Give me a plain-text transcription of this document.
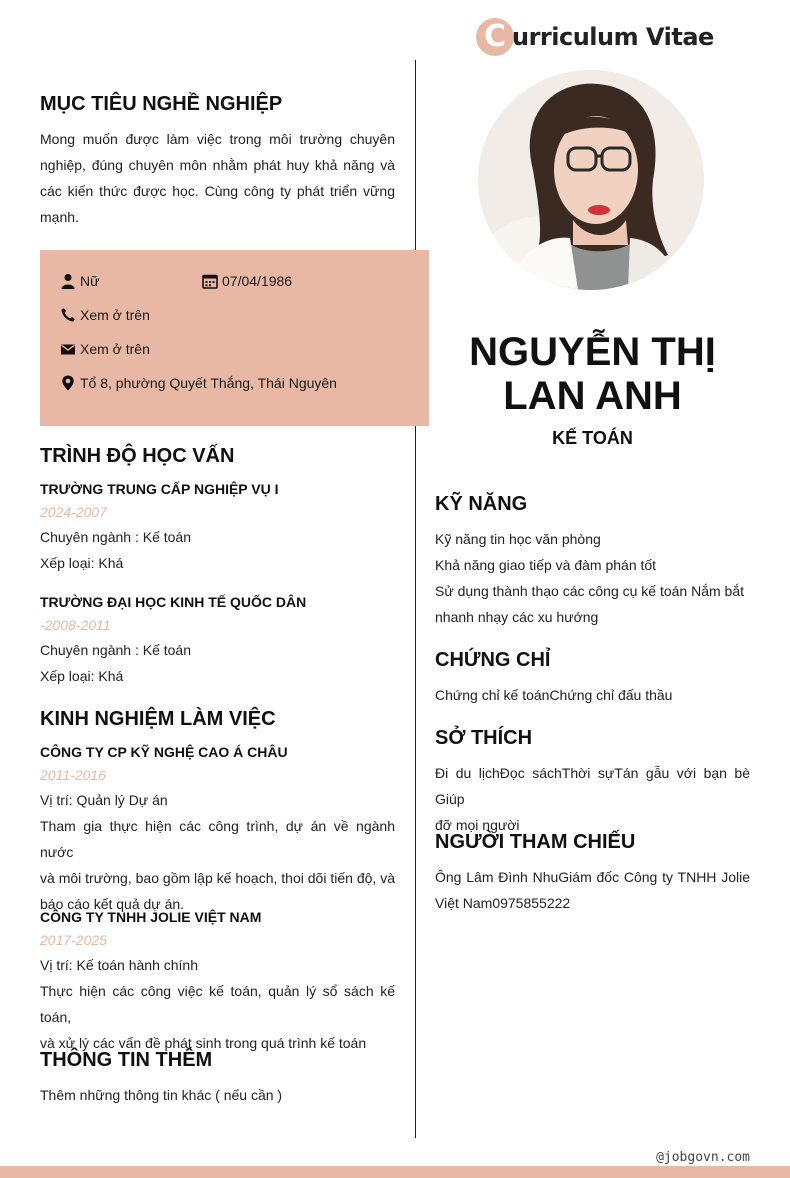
C urriculum Vitae
MỤC TIÊU NGHỀ NGHIỆP
Mong muốn được làm việc trong môi trường chuyên
nghiệp, đúng chuyên môn nhằm phát huy khả năng và
các kiến thức được học. Cùng công ty phát triển vững
mạnh.
Nữ	07/04/1986
Xem ở trên
Xem ở trên
Tổ 8, phường Quyết Thắng, Thái Nguyên
TRÌNH ĐỘ HỌC VẤN
TRƯỜNG TRUNG CẤP NGHIỆP VỤ I
2024-2007
Chuyên ngành : Kế toán
Xếp loại: Khá
TRƯỜNG ĐẠI HỌC KINH TẾ QUỐC DÂN
-2008-2011
Chuyên ngành : Kế toán
Xếp loại: Khá
KINH NGHIỆM LÀM VIỆC
CÔNG TY CP KỸ NGHỆ CAO Á CHÂU
2011-2016
Vị trí: Quản lý Dự án
Tham gia thực hiện các công trình, dự án về ngành nước
và môi trường, bao gồm lập kế hoạch, thoi dõi tiến độ, và
báo cáo kết quả dự án.
CÔNG TY TNHH JOLIE VIỆT NAM
2017-2025
Vị trí: Kế toán hành chính
Thực hiện các công việc kế toán, quản lý sổ sách kế toán,
và xử lý các vấn đề phát sinh trong quá trình kế toán
THÔNG TIN THÊM
Thêm những thông tin khác ( nếu cần )
NGUYỄN THỊ
LAN ANH
KẾ TOÁN
KỸ NĂNG
Kỹ năng tin học văn phòng
Khả năng giao tiếp và đàm phán tốt
Sử dụng thành thạo các công cụ kế toán Nắm bắt
nhanh nhạy các xu hướng
CHỨNG CHỈ
Chứng chỉ kế toánChứng chỉ đấu thầu
SỞ THÍCH
Đi du lịchĐọc sáchThời sựTán gẫu với bạn bè Giúp
đỡ mọi người
NGƯỜI THAM CHIẾU
Ông Lâm Đình NhuGiám đốc Công ty TNHH Jolie
Việt Nam0975855222
@jobgovn.com
